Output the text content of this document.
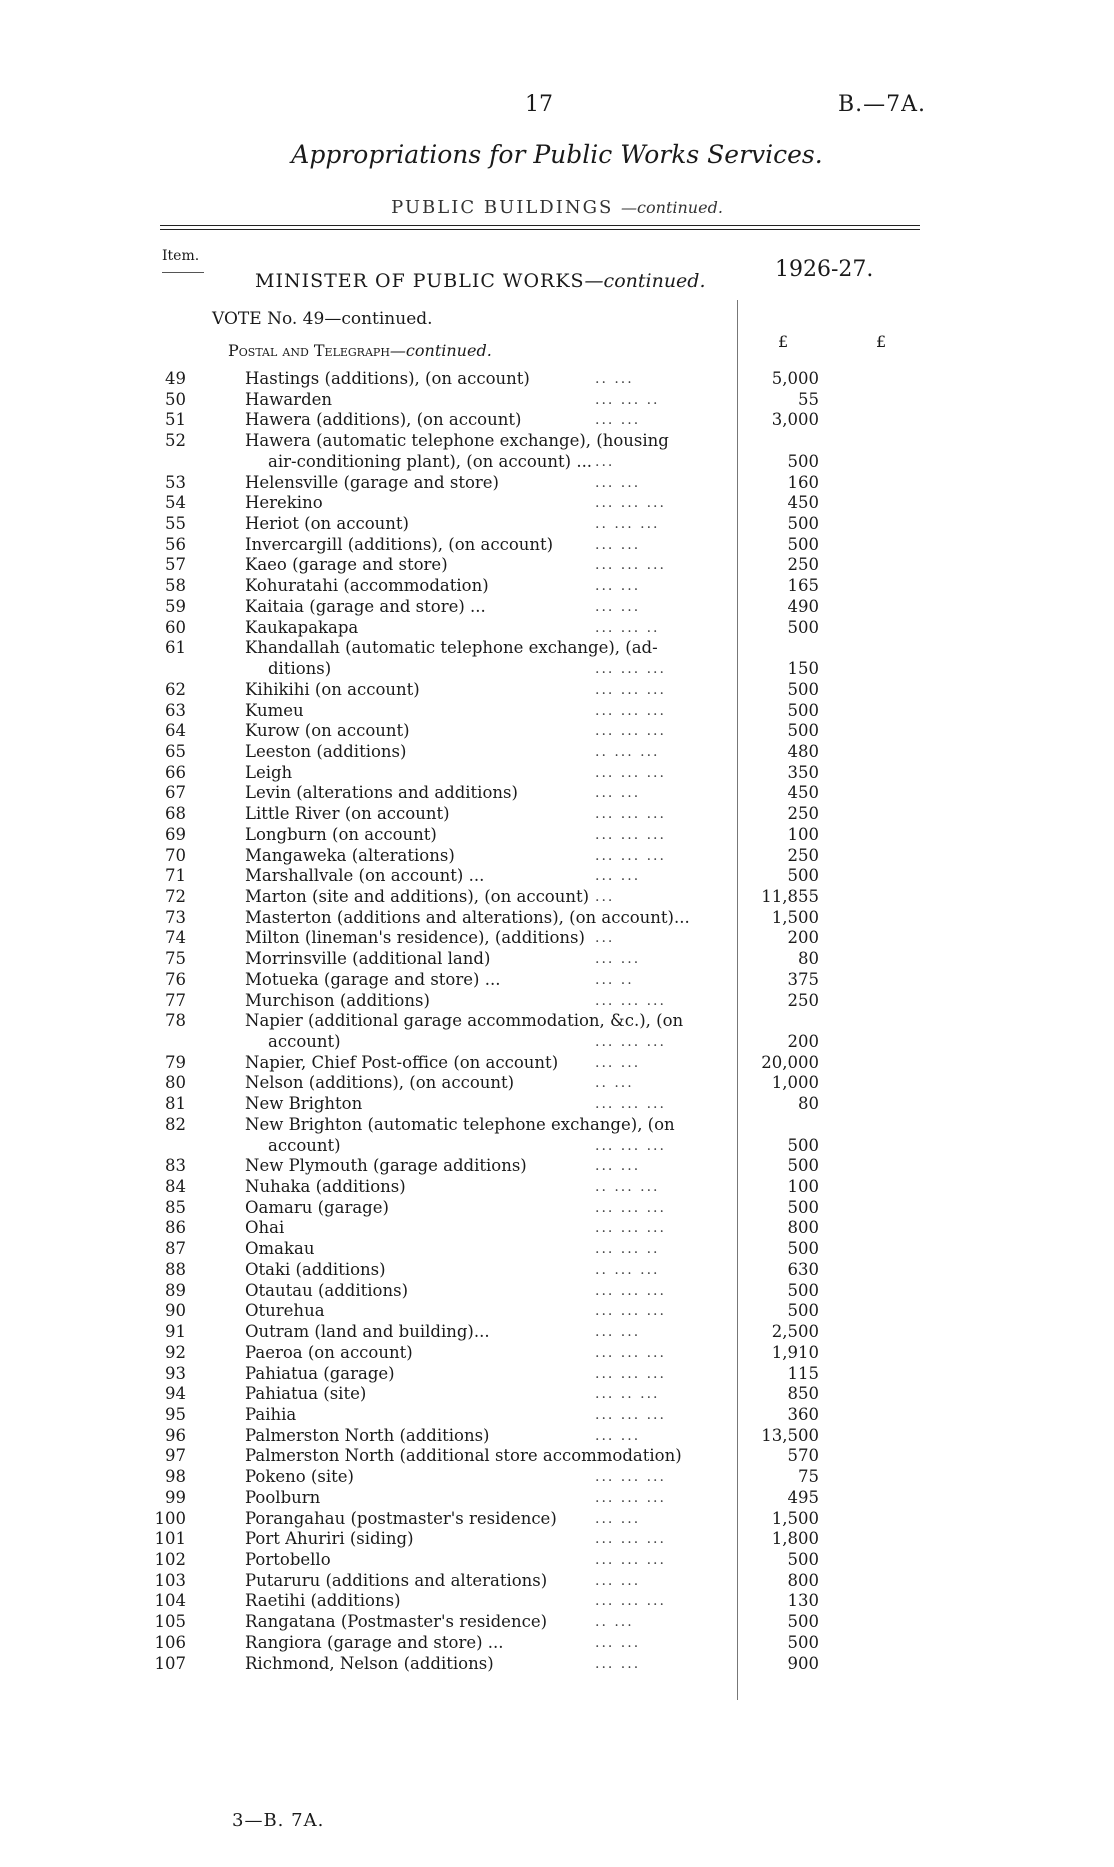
17	B.—7A.
Appropriations for Public Works Services.
PUBLIC BUILDINGS —continued.
Item.
MINISTER OF PUBLIC WORKS—continued.	1926-27.
VOTE No. 49—continued.
£	£
Postal and Telegraph—continued.
49	Hastings (additions), (on account)	.. ...	5,000
50	Hawarden	... ... ..	55
51	Hawera (additions), (on account)	... ...	3,000
52	Hawera (automatic telephone exchange), (housing
air-conditioning plant), (on account) ... ...	500
53	Helensville (garage and store)	... ...	160
54	Herekino	... ... ...	450
55	Heriot (on account)	.. ... ...	500
56	Invercargill (additions), (on account)	... ...	500
57	Kaeo (garage and store)	... ... ...	250
58	Kohuratahi (accommodation)	... ...	165
59	Kaitaia (garage and store) ...	... ...	490
60	Kaukapakapa	... ... ..	500
61	Khandallah (automatic telephone exchange), (ad-
ditions)	... ... ...	150
62	Kihikihi (on account)	... ... ...	500
63	Kumeu	... ... ...	500
64	Kurow (on account)	... ... ...	500
65	Leeston (additions)	.. ... ...	480
66	Leigh	... ... ...	350
67	Levin (alterations and additions)	... ...	450
68	Little River (on account)	... ... ...	250
69	Longburn (on account)	... ... ...	100
70	Mangaweka (alterations)	... ... ...	250
71	Marshallvale (on account) ...	... ...	500
72	Marton (site and additions), (on account) ...	11,855
73	Masterton (additions and alterations), (on account)...	1,500
74	Milton (lineman's residence), (additions) ...	200
75	Morrinsville (additional land)	... ...	80
76	Motueka (garage and store) ...	... ..	375
77	Murchison (additions)	... ... ...	250
78	Napier (additional garage accommodation, &c.), (on
account)	... ... ...	200
79	Napier, Chief Post-office (on account)	... ...	20,000
80	Nelson (additions), (on account)	.. ...	1,000
81	New Brighton	... ... ...	80
82	New Brighton (automatic telephone exchange), (on
account)	... ... ...	500
83	New Plymouth (garage additions)	... ...	500
84	Nuhaka (additions)	.. ... ...	100
85	Oamaru (garage)	... ... ...	500
86	Ohai	... ... ...	800
87	Omakau	... ... ..	500
88	Otaki (additions)	.. ... ...	630
89	Otautau (additions)	... ... ...	500
90	Oturehua	... ... ...	500
91	Outram (land and building)...	... ...	2,500
92	Paeroa (on account)	... ... ...	1,910
93	Pahiatua (garage)	... ... ...	115
94	Pahiatua (site)	... .. ...	850
95	Paihia	... ... ...	360
96	Palmerston North (additions)	... ...	13,500
97	Palmerston North (additional store accommodation)	570
98	Pokeno (site)	... ... ...	75
99	Poolburn	... ... ...	495
100	Porangahau (postmaster's residence)	... ...	1,500
101	Port Ahuriri (siding)	... ... ...	1,800
102	Portobello	... ... ...	500
103	Putaruru (additions and alterations)	... ...	800
104	Raetihi (additions)	... ... ...	130
105	Rangatana (Postmaster's residence)	.. ...	500
106	Rangiora (garage and store) ...	... ...	500
107	Richmond, Nelson (additions)	... ...	900
3—B. 7A.
